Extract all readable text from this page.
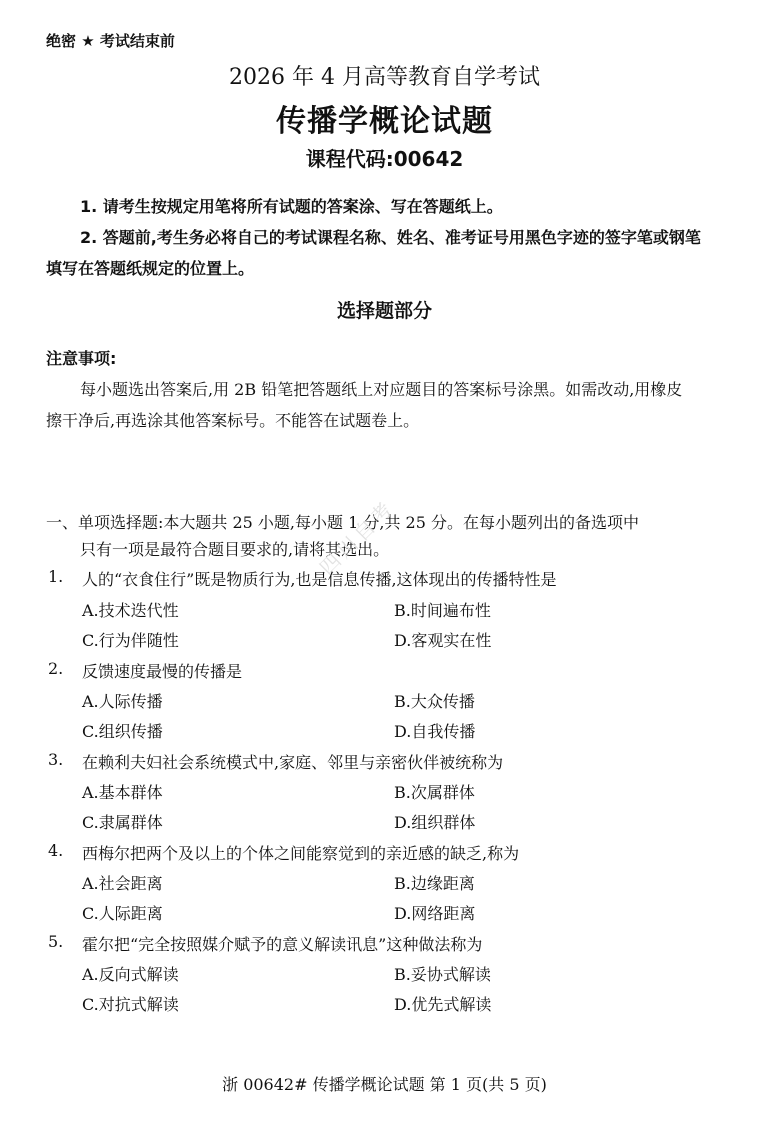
绝密 ★ 考试结束前
2026 年 4 月高等教育自学考试
传播学概论试题
课程代码:00642
1. 请考生按规定用笔将所有试题的答案涂、写在答题纸上。
2. 答题前,考生务必将自己的考试课程名称、姓名、准考证号用黑色字迹的签字笔或钢笔
填写在答题纸规定的位置上。
选择题部分
注意事项:
每小题选出答案后,用 2B 铅笔把答题纸上对应题目的答案标号涂黑。如需改动,用橡皮
擦干净后,再选涂其他答案标号。不能答在试题卷上。
一、单项选择题:本大题共 25 小题,每小题 1 分,共 25 分。在每小题列出的备选项中
只有一项是最符合题目要求的,请将其选出。
四川自考
1. 人的“衣食住行”既是物质行为,也是信息传播,这体现出的传播特性是
A.技术迭代性	B.时间遍布性
C.行为伴随性	D.客观实在性
2. 反馈速度最慢的传播是
A.人际传播	B.大众传播
C.组织传播	D.自我传播
3. 在赖利夫妇社会系统模式中,家庭、邻里与亲密伙伴被统称为
A.基本群体	B.次属群体
C.隶属群体	D.组织群体
4. 西梅尔把两个及以上的个体之间能察觉到的亲近感的缺乏,称为
A.社会距离	B.边缘距离
C.人际距离	D.网络距离
5. 霍尔把“完全按照媒介赋予的意义解读讯息”这种做法称为
A.反向式解读	B.妥协式解读
C.对抗式解读	D.优先式解读
浙 00642# 传播学概论试题 第 1 页(共 5 页)
